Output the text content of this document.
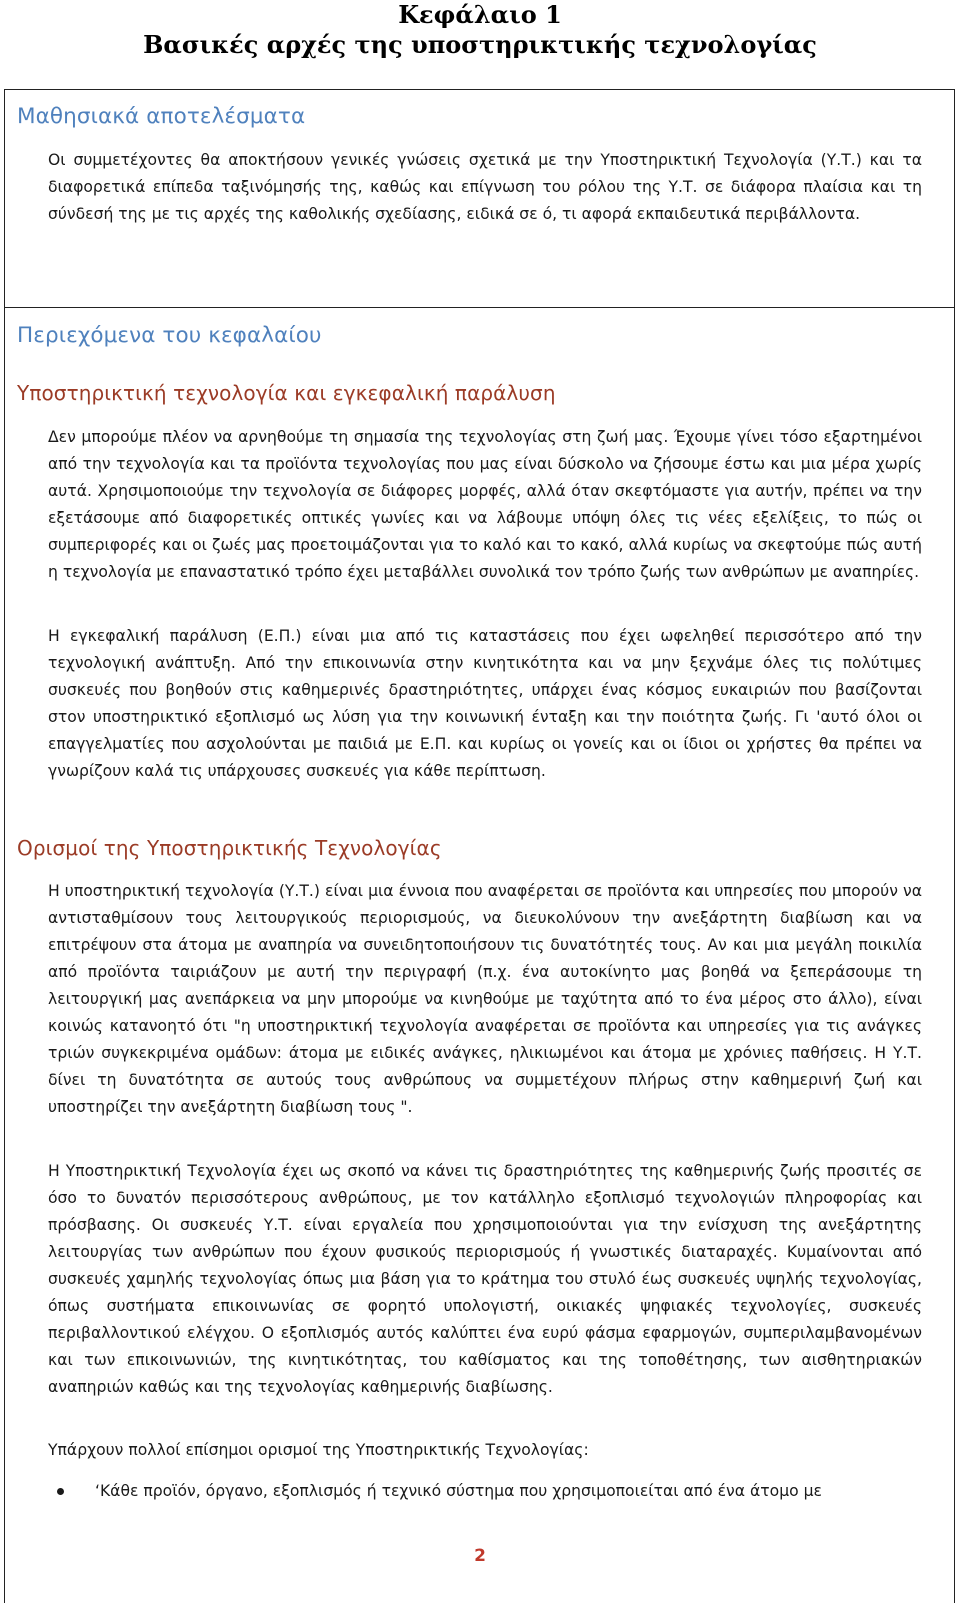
Κεφάλαιο 1
Βασικές αρχές της υποστηρικτικής τεχνολογίας
Μαθησιακά αποτελέσματα
Οι συμμετέχοντες θα αποκτήσουν γενικές γνώσεις σχετικά με την Υποστηρικτική Τεχνολογία (Υ.Τ.) και τα διαφορετικά επίπεδα ταξινόμησής της, καθώς και επίγνωση του ρόλου της Υ.Τ. σε διάφορα πλαίσια και τη σύνδεσή της με τις αρχές της καθολικής σχεδίασης, ειδικά σε ό, τι αφορά εκπαιδευτικά περιβάλλοντα.
Περιεχόμενα του κεφαλαίου
Υποστηρικτική τεχνολογία και εγκεφαλική παράλυση
Δεν μπορούμε πλέον να αρνηθούμε τη σημασία της τεχνολογίας στη ζωή μας. Έχουμε γίνει τόσο εξαρτημένοι από την τεχνολογία και τα προϊόντα τεχνολογίας που μας είναι δύσκολο να ζήσουμε έστω και μια μέρα χωρίς αυτά. Χρησιμοποιούμε την τεχνολογία σε διάφορες μορφές, αλλά όταν σκεφτόμαστε για αυτήν, πρέπει να την εξετάσουμε από διαφορετικές οπτικές γωνίες και να λάβουμε υπόψη όλες τις νέες εξελίξεις, το πώς οι συμπεριφορές και οι ζωές μας προετοιμάζονται για το καλό και το κακό, αλλά κυρίως να σκεφτούμε πώς αυτή η τεχνολογία με επαναστατικό τρόπο έχει μεταβάλλει συνολικά τον τρόπο ζωής των ανθρώπων με αναπηρίες.
Η εγκεφαλική παράλυση (Ε.Π.) είναι μια από τις καταστάσεις που έχει ωφεληθεί περισσότερο από την τεχνολογική ανάπτυξη. Από την επικοινωνία στην κινητικότητα και να μην ξεχνάμε όλες τις πολύτιμες συσκευές που βοηθούν στις καθημερινές δραστηριότητες, υπάρχει ένας κόσμος ευκαιριών που βασίζονται στον υποστηρικτικό εξοπλισμό ως λύση για την κοινωνική ένταξη και την ποιότητα ζωής. Γι 'αυτό όλοι οι επαγγελματίες που ασχολούνται με παιδιά με Ε.Π. και κυρίως οι γονείς και οι ίδιοι οι χρήστες θα πρέπει να γνωρίζουν καλά τις υπάρχουσες συσκευές για κάθε περίπτωση.
Ορισμοί της Υποστηρικτικής Τεχνολογίας
Η υποστηρικτική τεχνολογία (Υ.Τ.) είναι μια έννοια που αναφέρεται σε προϊόντα και υπηρεσίες που μπορούν να αντισταθμίσουν τους λειτουργικούς περιορισμούς, να διευκολύνουν την ανεξάρτητη διαβίωση και να επιτρέψουν στα άτομα με αναπηρία να συνειδητοποιήσουν τις δυνατότητές τους. Αν και μια μεγάλη ποικιλία από προϊόντα ταιριάζουν με αυτή την περιγραφή (π.χ. ένα αυτοκίνητο μας βοηθά να ξεπεράσουμε τη λειτουργική μας ανεπάρκεια να μην μπορούμε να κινηθούμε με ταχύτητα από το ένα μέρος στο άλλο), είναι κοινώς κατανοητό ότι "η υποστηρικτική τεχνολογία αναφέρεται σε προϊόντα και υπηρεσίες για τις ανάγκες τριών συγκεκριμένα ομάδων: άτομα με ειδικές ανάγκες, ηλικιωμένοι και άτομα με χρόνιες παθήσεις. Η Υ.Τ. δίνει τη δυνατότητα σε αυτούς τους ανθρώπους να συμμετέχουν πλήρως στην καθημερινή ζωή και υποστηρίζει την ανεξάρτητη διαβίωση τους ".
Η Υποστηρικτική Τεχνολογία έχει ως σκοπό να κάνει τις δραστηριότητες της καθημερινής ζωής προσιτές σε όσο το δυνατόν περισσότερους ανθρώπους, με τον κατάλληλο εξοπλισμό τεχνολογιών πληροφορίας και πρόσβασης. Οι συσκευές Υ.Τ. είναι εργαλεία που χρησιμοποιούνται για την ενίσχυση της ανεξάρτητης λειτουργίας των ανθρώπων που έχουν φυσικούς περιορισμούς ή γνωστικές διαταραχές. Κυμαίνονται από συσκευές χαμηλής τεχνολογίας όπως μια βάση για το κράτημα του στυλό έως συσκευές υψηλής τεχνολογίας, όπως συστήματα επικοινωνίας σε φορητό υπολογιστή, οικιακές ψηφιακές τεχνολογίες, συσκευές περιβαλλοντικού ελέγχου. Ο εξοπλισμός αυτός καλύπτει ένα ευρύ φάσμα εφαρμογών, συμπεριλαμβανομένων και των επικοινωνιών, της κινητικότητας, του καθίσματος και της τοποθέτησης, των αισθητηριακών αναπηριών καθώς και της τεχνολογίας καθημερινής διαβίωσης.
Υπάρχουν πολλοί επίσημοι ορισμοί της Υποστηρικτικής Τεχνολογίας:
‘Κάθε προϊόν, όργανο, εξοπλισμός ή τεχνικό σύστημα που χρησιμοποιείται από ένα άτομο με
2
